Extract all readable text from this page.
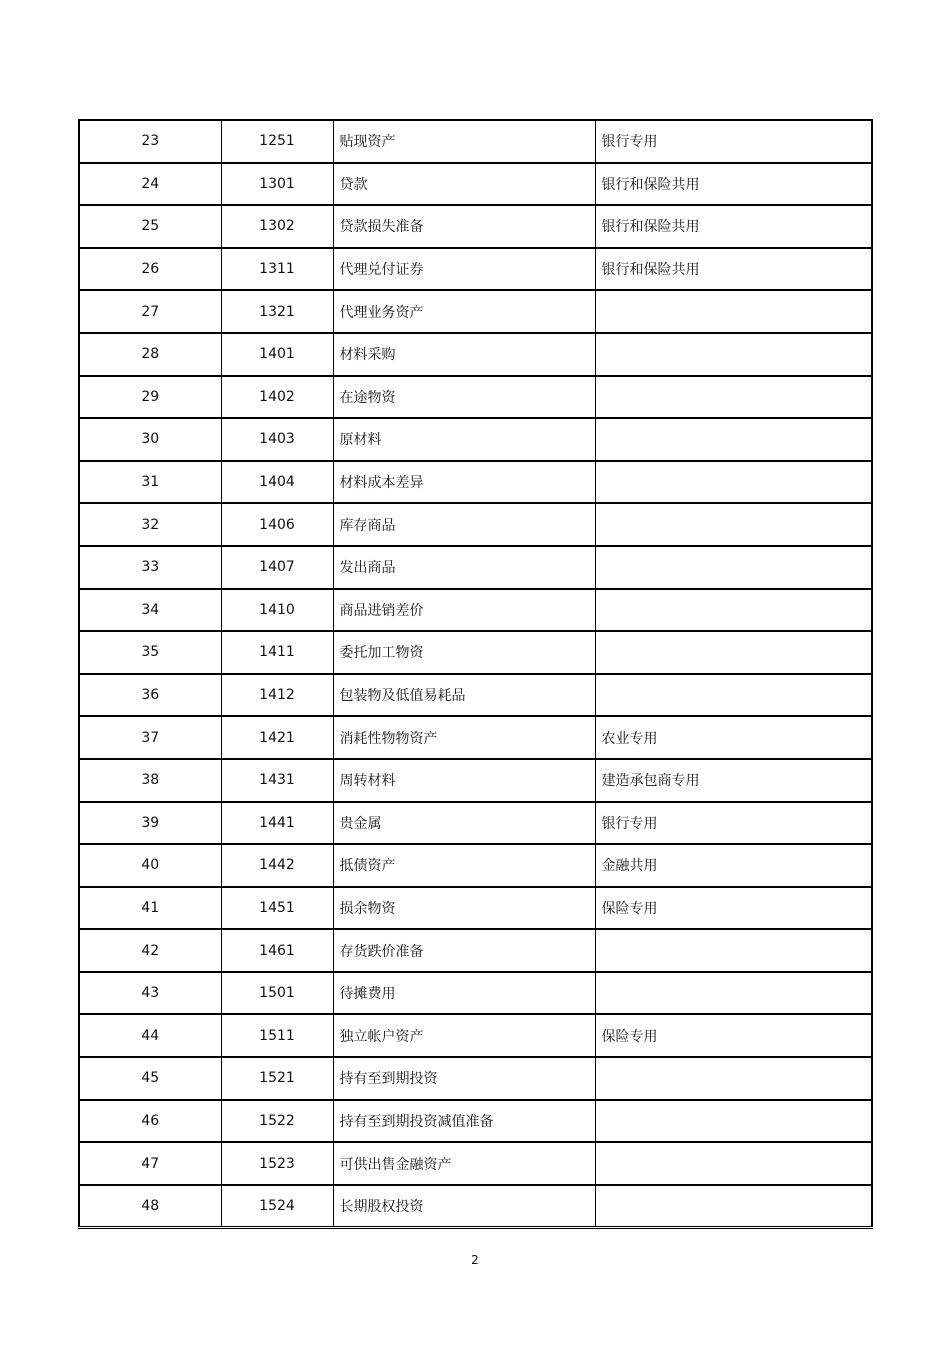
23	1251	贴现资产	银行专用
24	1301	贷款	银行和保险共用
25	1302	贷款损失准备	银行和保险共用
26	1311	代理兑付证券	银行和保险共用
27	1321	代理业务资产	
28	1401	材料采购	
29	1402	在途物资	
30	1403	原材料	
31	1404	材料成本差异	
32	1406	库存商品	
33	1407	发出商品	
34	1410	商品进销差价	
35	1411	委托加工物资	
36	1412	包装物及低值易耗品	
37	1421	消耗性物物资产	农业专用
38	1431	周转材料	建造承包商专用
39	1441	贵金属	银行专用
40	1442	抵债资产	金融共用
41	1451	损余物资	保险专用
42	1461	存货跌价准备	
43	1501	待摊费用	
44	1511	独立帐户资产	保险专用
45	1521	持有至到期投资	
46	1522	持有至到期投资减值准备	
47	1523	可供出售金融资产	
48	1524	长期股权投资	
2
